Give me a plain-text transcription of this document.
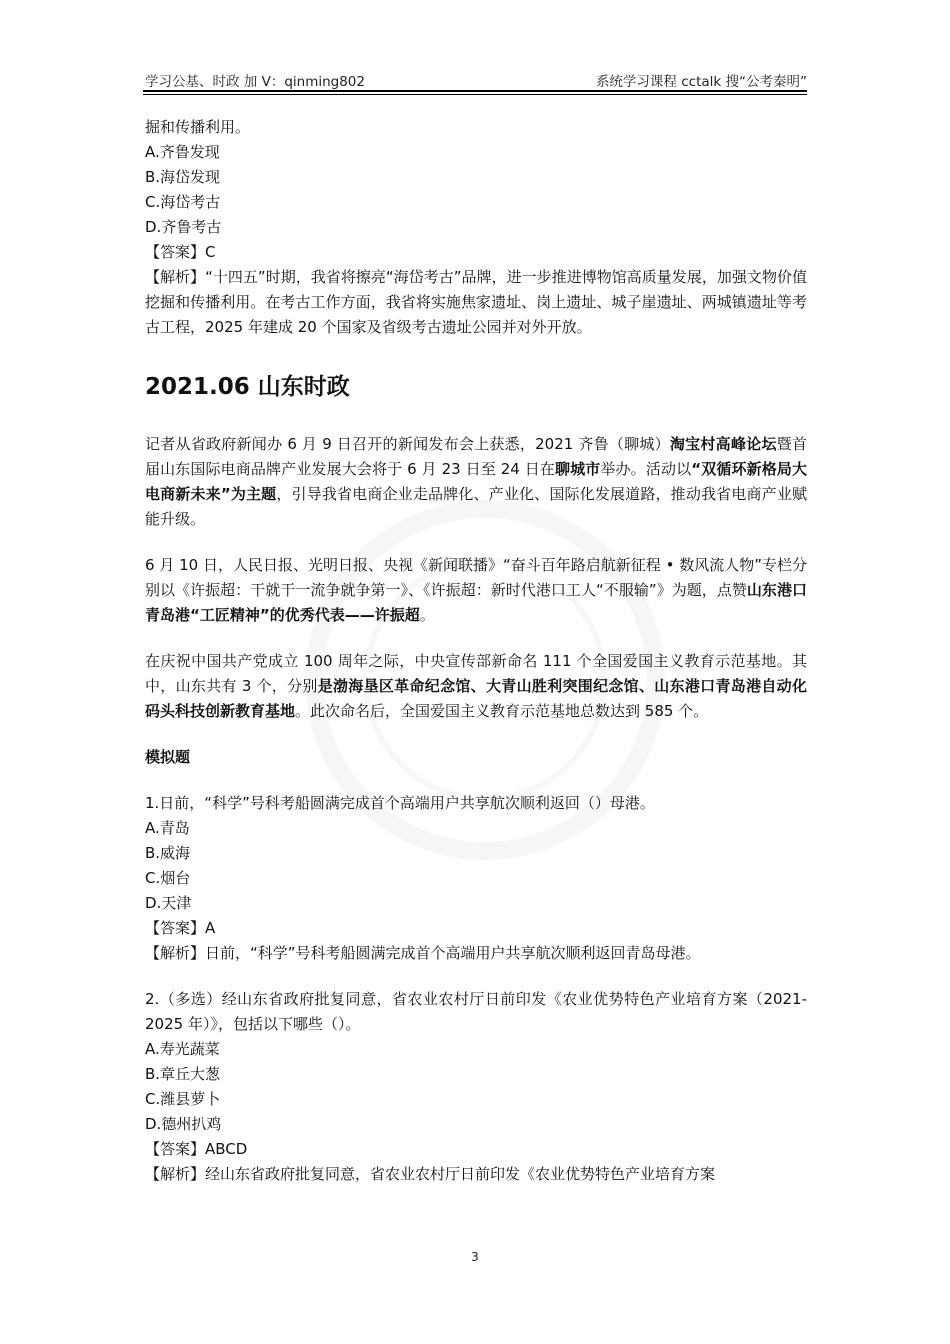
学习公基、时政 加 V：qinming802	系统学习课程 cctalk 搜“公考秦明”
掘和传播利用。
A.齐鲁发现
B.海岱发现
C.海岱考古
D.齐鲁考古
【答案】C
【解析】“十四五”时期，我省将擦亮“海岱考古”品牌，进一步推进博物馆高质量发展，加强文物价值挖掘和传播利用。在考古工作方面，我省将实施焦家遗址、岗上遗址、城子崖遗址、两城镇遗址等考古工程，2025 年建成 20 个国家及省级考古遗址公园并对外开放。
2021.06 山东时政
记者从省政府新闻办 6 月 9 日召开的新闻发布会上获悉，2021 齐鲁（聊城）淘宝村高峰论坛暨首届山东国际电商品牌产业发展大会将于 6 月 23 日至 24 日在聊城市举办。活动以“双循环新格局大电商新未来”为主题，引导我省电商企业走品牌化、产业化、国际化发展道路，推动我省电商产业赋能升级。
6 月 10 日，人民日报、光明日报、央视《新闻联播》“奋斗百年路启航新征程 • 数风流人物”专栏分别以《许振超：干就干一流争就争第一》、《许振超：新时代港口工人“不服输”》为题，点赞山东港口青岛港“工匠精神”的优秀代表——许振超。
在庆祝中国共产党成立 100 周年之际，中央宣传部新命名 111 个全国爱国主义教育示范基地。其中，山东共有 3 个，分别是渤海垦区革命纪念馆、大青山胜利突围纪念馆、山东港口青岛港自动化码头科技创新教育基地。此次命名后，全国爱国主义教育示范基地总数达到 585 个。
模拟题
1.日前，“科学”号科考船圆满完成首个高端用户共享航次顺利返回（）母港。
A.青岛
B.威海
C.烟台
D.天津
【答案】A
【解析】日前，“科学”号科考船圆满完成首个高端用户共享航次顺利返回青岛母港。
2.（多选）经山东省政府批复同意，省农业农村厅日前印发《农业优势特色产业培育方案（2021-2025 年）》，包括以下哪些（）。
A.寿光蔬菜
B.章丘大葱
C.潍县萝卜
D.德州扒鸡
【答案】ABCD
【解析】经山东省政府批复同意，省农业农村厅日前印发《农业优势特色产业培育方案
3
